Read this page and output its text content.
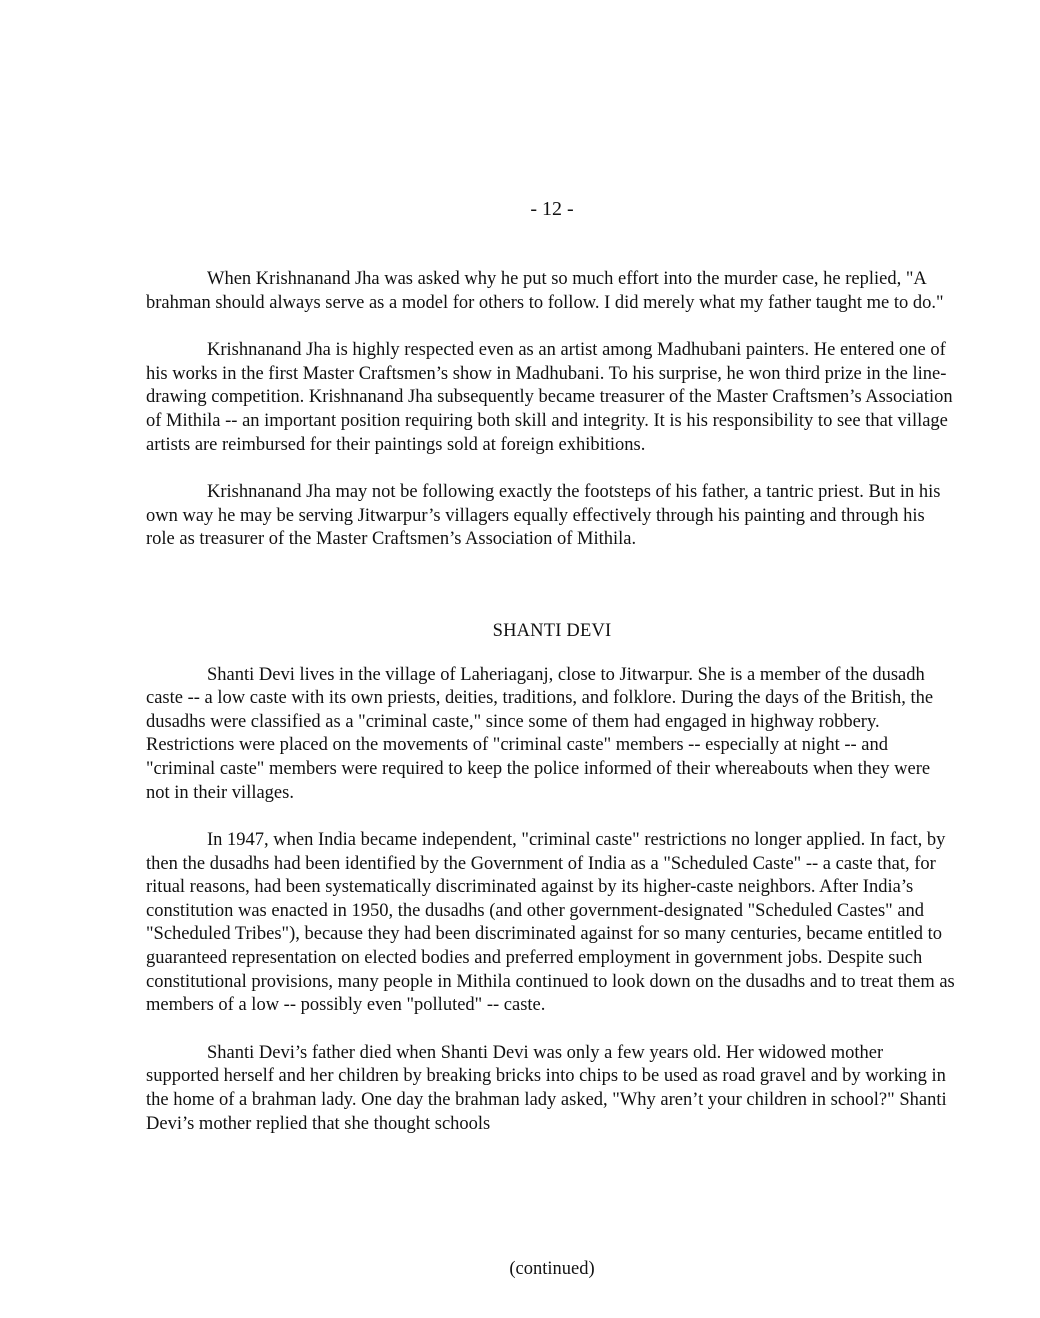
- 12 -

When Krishnanand Jha was asked why he put so much effort into the murder case, he replied, "A brahman should always serve as a model for others to follow. I did merely what my father taught me to do."

Krishnanand Jha is highly respected even as an artist among Madhubani painters. He entered one of his works in the first Master Craftsmen’s show in Madhubani. To his surprise, he won third prize in the line-drawing competition. Krishnanand Jha subsequently became treasurer of the Master Craftsmen’s Association of Mithila -- an important position requiring both skill and integrity. It is his responsibility to see that village artists are reimbursed for their paintings sold at foreign exhibitions.

Krishnanand Jha may not be following exactly the footsteps of his father, a tantric priest. But in his own way he may be serving Jitwarpur’s villagers equally effectively through his painting and through his role as treasurer of the Master Craftsmen’s Association of Mithila.

SHANTI DEVI

Shanti Devi lives in the village of Laheriaganj, close to Jitwarpur. She is a member of the dusadh caste -- a low caste with its own priests, deities, traditions, and folklore. During the days of the British, the dusadhs were classified as a "criminal caste," since some of them had engaged in highway robbery. Restrictions were placed on the movements of "criminal caste" members -- especially at night -- and "criminal caste" members were required to keep the police informed of their whereabouts when they were not in their villages.

In 1947, when India became independent, "criminal caste" restrictions no longer applied. In fact, by then the dusadhs had been identified by the Government of India as a "Scheduled Caste" -- a caste that, for ritual reasons, had been systematically discriminated against by its higher-caste neighbors. After India’s constitution was enacted in 1950, the dusadhs (and other government-designated "Scheduled Castes" and "Scheduled Tribes"), because they had been discriminated against for so many centuries, became entitled to guaranteed representation on elected bodies and preferred employment in government jobs. Despite such constitutional provisions, many people in Mithila continued to look down on the dusadhs and to treat them as members of a low -- possibly even "polluted" -- caste.

Shanti Devi’s father died when Shanti Devi was only a few years old. Her widowed mother supported herself and her children by breaking bricks into chips to be used as road gravel and by working in the home of a brahman lady. One day the brahman lady asked, "Why aren’t your children in school?" Shanti Devi’s mother replied that she thought schools

(continued)
